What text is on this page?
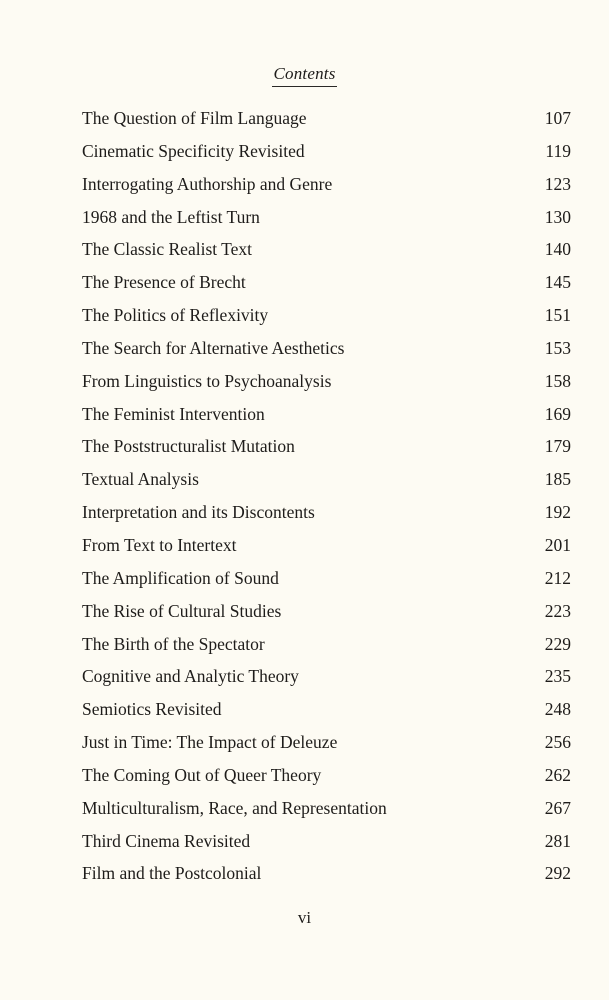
Contents
The Question of Film Language	107
Cinematic Specificity Revisited	119
Interrogating Authorship and Genre	123
1968 and the Leftist Turn	130
The Classic Realist Text	140
The Presence of Brecht	145
The Politics of Reflexivity	151
The Search for Alternative Aesthetics	153
From Linguistics to Psychoanalysis	158
The Feminist Intervention	169
The Poststructuralist Mutation	179
Textual Analysis	185
Interpretation and its Discontents	192
From Text to Intertext	201
The Amplification of Sound	212
The Rise of Cultural Studies	223
The Birth of the Spectator	229
Cognitive and Analytic Theory	235
Semiotics Revisited	248
Just in Time: The Impact of Deleuze	256
The Coming Out of Queer Theory	262
Multiculturalism, Race, and Representation	267
Third Cinema Revisited	281
Film and the Postcolonial	292
vi
